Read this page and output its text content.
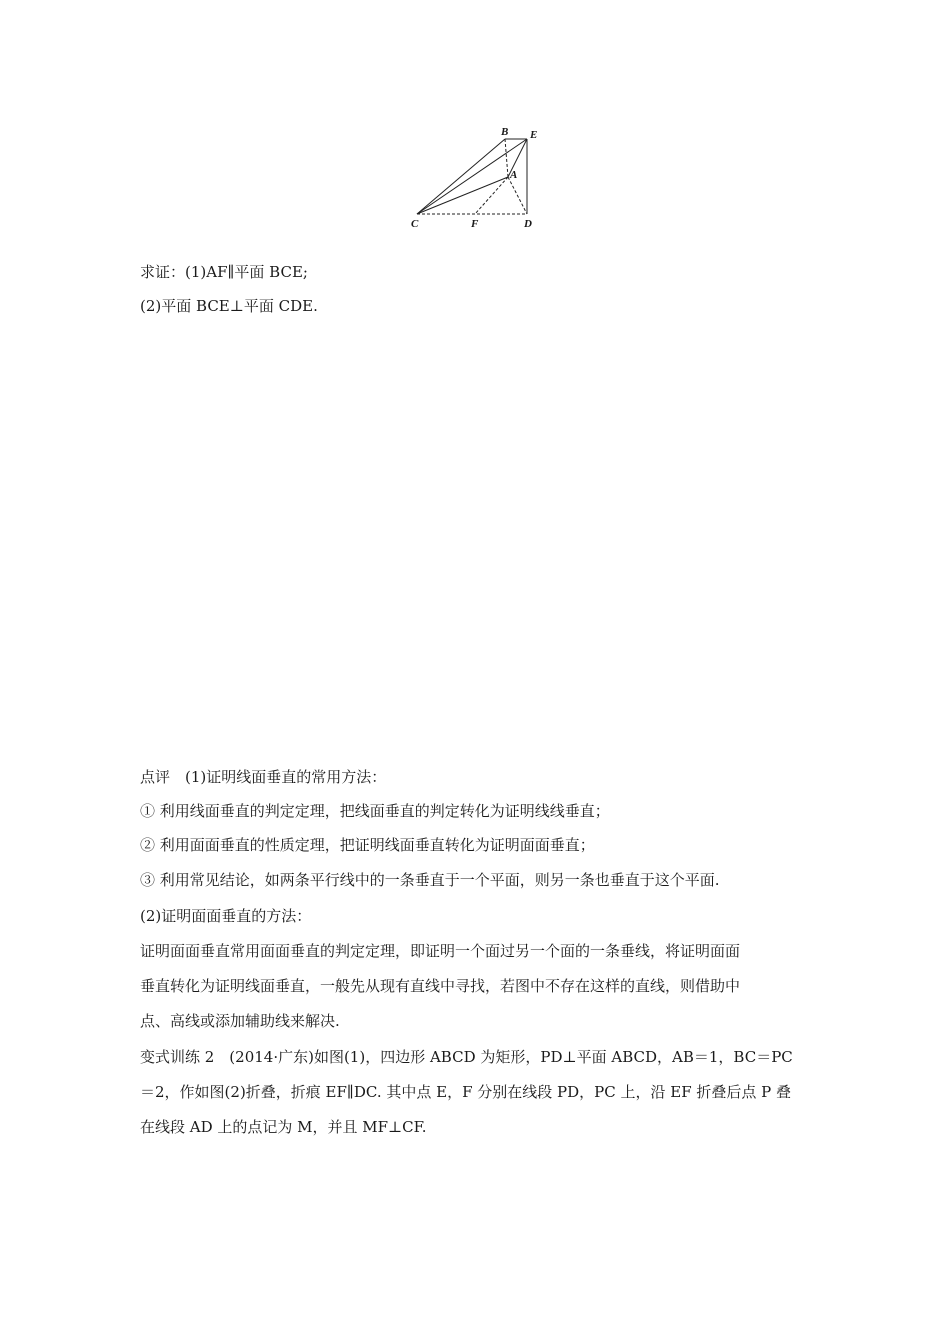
B E
A
C	F	D
求证：(1)AF∥平面 BCE;
(2)平面 BCE⊥平面 CDE.
点评　(1)证明线面垂直的常用方法：
① 利用线面垂直的判定定理，把线面垂直的判定转化为证明线线垂直；
② 利用面面垂直的性质定理，把证明线面垂直转化为证明面面垂直；
③ 利用常见结论，如两条平行线中的一条垂直于一个平面，则另一条也垂直于这个平面.
(2)证明面面垂直的方法：
证明面面垂直常用面面垂直的判定定理，即证明一个面过另一个面的一条垂线，将证明面面
垂直转化为证明线面垂直，一般先从现有直线中寻找，若图中不存在这样的直线，则借助中
点、高线或添加辅助线来解决.
变式训练 2　(2014·广东)如图(1)，四边形 ABCD 为矩形，PD⊥平面 ABCD，AB＝1，BC＝PC
＝2，作如图(2)折叠，折痕 EF∥DC. 其中点 E，F 分别在线段 PD，PC 上，沿 EF 折叠后点 P 叠
在线段 AD 上的点记为 M，并且 MF⊥CF.
